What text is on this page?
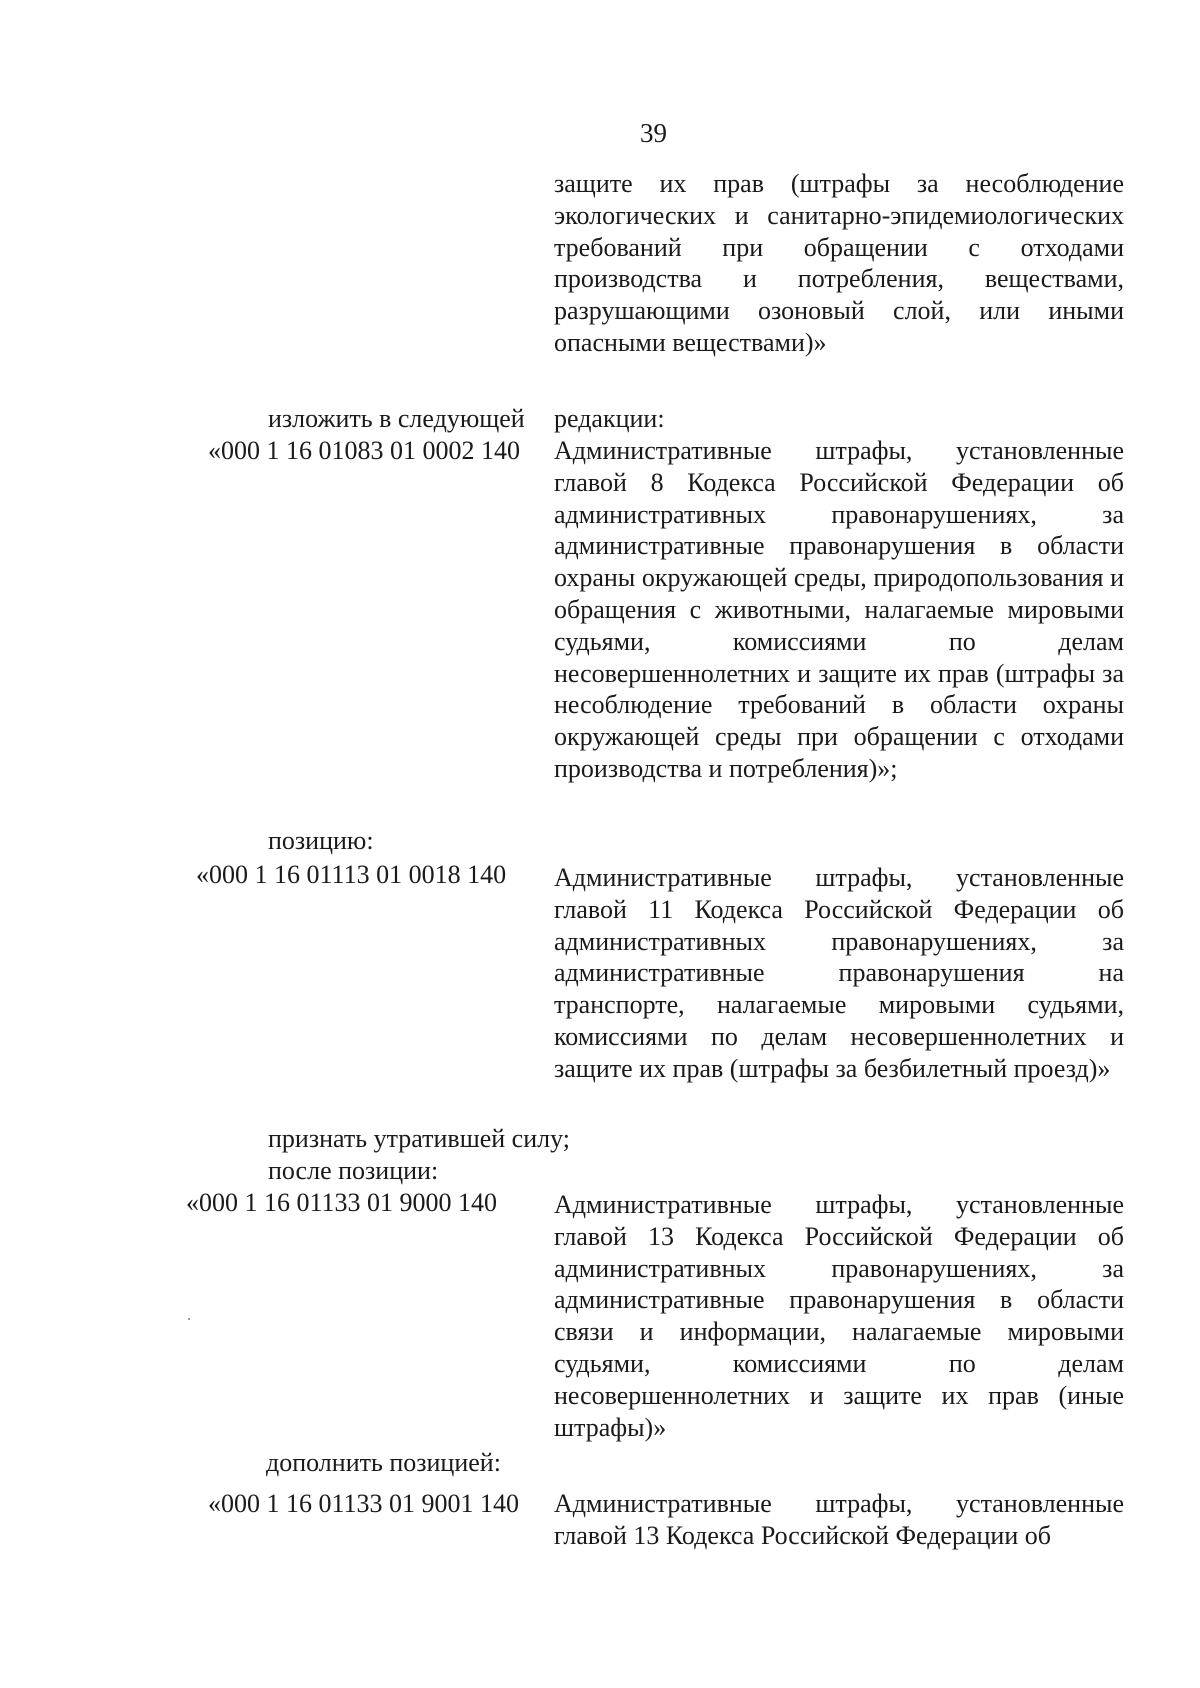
39

защите их прав (штрафы за несоблюдение экологических и санитарно-эпидемиологических требований при обращении с отходами производства и потребления, веществами, разрушающими озоновый слой, или иными опасными веществами)»

изложить в следующей редакции:
«000 1 16 01083 01 0002 140 Административные штрафы, установленные главой 8 Кодекса Российской Федерации об административных правонарушениях, за административные правонарушения в области охраны окружающей среды, природопользования и обращения с животными, налагаемые мировыми судьями, комиссиями по делам несовершеннолетних и защите их прав (штрафы за несоблюдение требований в области охраны окружающей среды при обращении с отходами производства и потребления)»;

позицию:
«000 1 16 01113 01 0018 140 Административные штрафы, установленные главой 11 Кодекса Российской Федерации об административных правонарушениях, за административные правонарушения на транспорте, налагаемые мировыми судьями, комиссиями по делам несовершеннолетних и защите их прав (штрафы за безбилетный проезд)»

признать утратившей силу;
после позиции:
«000 1 16 01133 01 9000 140 Административные штрафы, установленные главой 13 Кодекса Российской Федерации об административных правонарушениях, за административные правонарушения в области связи и информации, налагаемые мировыми судьями, комиссиями по делам несовершеннолетних и защите их прав (иные штрафы)»

дополнить позицией:
«000 1 16 01133 01 9001 140 Административные штрафы, установленные главой 13 Кодекса Российской Федерации об
